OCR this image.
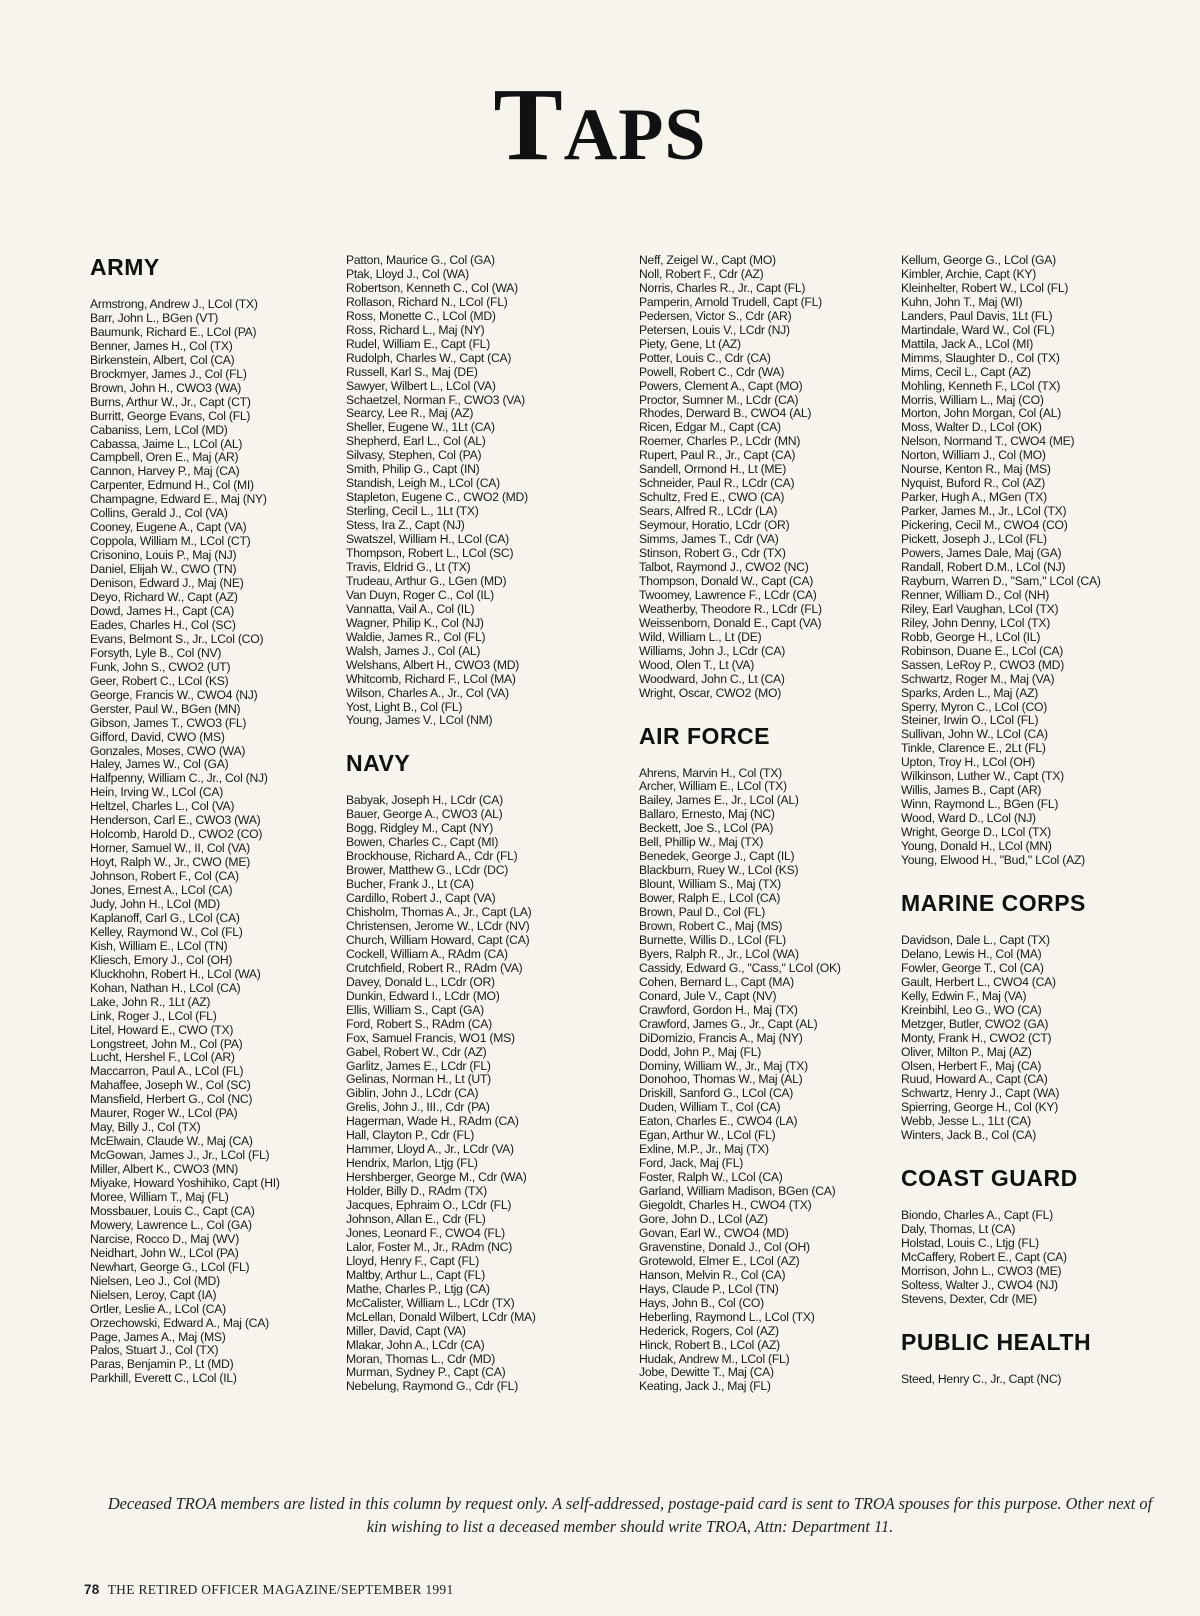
TAPS
ARMY
Armstrong, Andrew J., LCol (TX)
Barr, John L., BGen (VT)
Baumunk, Richard E., LCol (PA)
Benner, James H., Col (TX)
Birkenstein, Albert, Col (CA)
Brockmyer, James J., Col (FL)
Brown, John H., CWO3 (WA)
Burns, Arthur W., Jr., Capt (CT)
Burritt, George Evans, Col (FL)
Cabaniss, Lem, LCol (MD)
Cabassa, Jaime L., LCol (AL)
Campbell, Oren E., Maj (AR)
Cannon, Harvey P., Maj (CA)
Carpenter, Edmund H., Col (MI)
Champagne, Edward E., Maj (NY)
Collins, Gerald J., Col (VA)
Cooney, Eugene A., Capt (VA)
Coppola, William M., LCol (CT)
Crisonino, Louis P., Maj (NJ)
Daniel, Elijah W., CWO (TN)
Denison, Edward J., Maj (NE)
Deyo, Richard W., Capt (AZ)
Dowd, James H., Capt (CA)
Eades, Charles H., Col (SC)
Evans, Belmont S., Jr., LCol (CO)
Forsyth, Lyle B., Col (NV)
Funk, John S., CWO2 (UT)
Geer, Robert C., LCol (KS)
George, Francis W., CWO4 (NJ)
Gerster, Paul W., BGen (MN)
Gibson, James T., CWO3 (FL)
Gifford, David, CWO (MS)
Gonzales, Moses, CWO (WA)
Haley, James W., Col (GA)
Halfpenny, William C., Jr., Col (NJ)
Hein, Irving W., LCol (CA)
Heltzel, Charles L., Col (VA)
Henderson, Carl E., CWO3 (WA)
Holcomb, Harold D., CWO2 (CO)
Horner, Samuel W., II, Col (VA)
Hoyt, Ralph W., Jr., CWO (ME)
Johnson, Robert F., Col (CA)
Jones, Ernest A., LCol (CA)
Judy, John H., LCol (MD)
Kaplanoff, Carl G., LCol (CA)
Kelley, Raymond W., Col (FL)
Kish, William E., LCol (TN)
Kliesch, Emory J., Col (OH)
Kluckhohn, Robert H., LCol (WA)
Kohan, Nathan H., LCol (CA)
Lake, John R., 1Lt (AZ)
Link, Roger J., LCol (FL)
Litel, Howard E., CWO (TX)
Longstreet, John M., Col (PA)
Lucht, Hershel F., LCol (AR)
Maccarron, Paul A., LCol (FL)
Mahaffee, Joseph W., Col (SC)
Mansfield, Herbert G., Col (NC)
Maurer, Roger W., LCol (PA)
May, Billy J., Col (TX)
McElwain, Claude W., Maj (CA)
McGowan, James J., Jr., LCol (FL)
Miller, Albert K., CWO3 (MN)
Miyake, Howard Yoshihiko, Capt (HI)
Moree, William T., Maj (FL)
Mossbauer, Louis C., Capt (CA)
Mowery, Lawrence L., Col (GA)
Narcise, Rocco D., Maj (WV)
Neidhart, John W., LCol (PA)
Newhart, George G., LCol (FL)
Nielsen, Leo J., Col (MD)
Nielsen, Leroy, Capt (IA)
Ortler, Leslie A., LCol (CA)
Orzechowski, Edward A., Maj (CA)
Page, James A., Maj (MS)
Palos, Stuart J., Col (TX)
Paras, Benjamin P., Lt (MD)
Parkhill, Everett C., LCol (IL)
Patton, Maurice G., Col (GA)
Ptak, Lloyd J., Col (WA)
Robertson, Kenneth C., Col (WA)
Rollason, Richard N., LCol (FL)
Ross, Monette C., LCol (MD)
Ross, Richard L., Maj (NY)
Rudel, William E., Capt (FL)
Rudolph, Charles W., Capt (CA)
Russell, Karl S., Maj (DE)
Sawyer, Wilbert L., LCol (VA)
Schaetzel, Norman F., CWO3 (VA)
Searcy, Lee R., Maj (AZ)
Sheller, Eugene W., 1Lt (CA)
Shepherd, Earl L., Col (AL)
Silvasy, Stephen, Col (PA)
Smith, Philip G., Capt (IN)
Standish, Leigh M., LCol (CA)
Stapleton, Eugene C., CWO2 (MD)
Sterling, Cecil L., 1Lt (TX)
Stess, Ira Z., Capt (NJ)
Swatszel, William H., LCol (CA)
Thompson, Robert L., LCol (SC)
Travis, Eldrid G., Lt (TX)
Trudeau, Arthur G., LGen (MD)
Van Duyn, Roger C., Col (IL)
Vannatta, Vail A., Col (IL)
Wagner, Philip K., Col (NJ)
Waldie, James R., Col (FL)
Walsh, James J., Col (AL)
Welshans, Albert H., CWO3 (MD)
Whitcomb, Richard F., LCol (MA)
Wilson, Charles A., Jr., Col (VA)
Yost, Light B., Col (FL)
Young, James V., LCol (NM)
NAVY
Babyak, Joseph H., LCdr (CA)
Bauer, George A., CWO3 (AL)
Bogg, Ridgley M., Capt (NY)
Bowen, Charles C., Capt (MI)
Brockhouse, Richard A., Cdr (FL)
Brower, Matthew G., LCdr (DC)
Bucher, Frank J., Lt (CA)
Cardillo, Robert J., Capt (VA)
Chisholm, Thomas A., Jr., Capt (LA)
Christensen, Jerome W., LCdr (NV)
Church, William Howard, Capt (CA)
Cockell, William A., RAdm (CA)
Crutchfield, Robert R., RAdm (VA)
Davey, Donald L., LCdr (OR)
Dunkin, Edward I., LCdr (MO)
Ellis, William S., Capt (GA)
Ford, Robert S., RAdm (CA)
Fox, Samuel Francis, WO1 (MS)
Gabel, Robert W., Cdr (AZ)
Garlitz, James E., LCdr (FL)
Gelinas, Norman H., Lt (UT)
Giblin, John J., LCdr (CA)
Grelis, John J., III., Cdr (PA)
Hagerman, Wade H., RAdm (CA)
Hall, Clayton P., Cdr (FL)
Hammer, Lloyd A., Jr., LCdr (VA)
Hendrix, Marlon, Ltjg (FL)
Hershberger, George M., Cdr (WA)
Holder, Billy D., RAdm (TX)
Jacques, Ephraim O., LCdr (FL)
Johnson, Allan E., Cdr (FL)
Jones, Leonard F., CWO4 (FL)
Lalor, Foster M., Jr., RAdm (NC)
Lloyd, Henry F., Capt (FL)
Maltby, Arthur L., Capt (FL)
Mathe, Charles P., Ltjg (CA)
McCalister, William L., LCdr (TX)
McLellan, Donald Wilbert, LCdr (MA)
Miller, David, Capt (VA)
Mlakar, John A., LCdr (CA)
Moran, Thomas L., Cdr (MD)
Murman, Sydney P., Capt (CA)
Nebelung, Raymond G., Cdr (FL)
Neff, Zeigel W., Capt (MO)
Noll, Robert F., Cdr (AZ)
Norris, Charles R., Jr., Capt (FL)
Pamperin, Arnold Trudell, Capt (FL)
Pedersen, Victor S., Cdr (AR)
Petersen, Louis V., LCdr (NJ)
Piety, Gene, Lt (AZ)
Potter, Louis C., Cdr (CA)
Powell, Robert C., Cdr (WA)
Powers, Clement A., Capt (MO)
Proctor, Sumner M., LCdr (CA)
Rhodes, Derward B., CWO4 (AL)
Ricen, Edgar M., Capt (CA)
Roemer, Charles P., LCdr (MN)
Rupert, Paul R., Jr., Capt (CA)
Sandell, Ormond H., Lt (ME)
Schneider, Paul R., LCdr (CA)
Schultz, Fred E., CWO (CA)
Sears, Alfred R., LCdr (LA)
Seymour, Horatio, LCdr (OR)
Simms, James T., Cdr (VA)
Stinson, Robert G., Cdr (TX)
Talbot, Raymond J., CWO2 (NC)
Thompson, Donald W., Capt (CA)
Twoomey, Lawrence F., LCdr (CA)
Weatherby, Theodore R., LCdr (FL)
Weissenborn, Donald E., Capt (VA)
Wild, William L., Lt (DE)
Williams, John J., LCdr (CA)
Wood, Olen T., Lt (VA)
Woodward, John C., Lt (CA)
Wright, Oscar, CWO2 (MO)
AIR FORCE
Ahrens, Marvin H., Col (TX)
Archer, William E., LCol (TX)
Bailey, James E., Jr., LCol (AL)
Ballaro, Ernesto, Maj (NC)
Beckett, Joe S., LCol (PA)
Bell, Phillip W., Maj (TX)
Benedek, George J., Capt (IL)
Blackburn, Ruey W., LCol (KS)
Blount, William S., Maj (TX)
Bower, Ralph E., LCol (CA)
Brown, Paul D., Col (FL)
Brown, Robert C., Maj (MS)
Burnette, Willis D., LCol (FL)
Byers, Ralph R., Jr., LCol (WA)
Cassidy, Edward G., "Cass," LCol (OK)
Cohen, Bernard L., Capt (MA)
Conard, Jule V., Capt (NV)
Crawford, Gordon H., Maj (TX)
Crawford, James G., Jr., Capt (AL)
DiDomizio, Francis A., Maj (NY)
Dodd, John P., Maj (FL)
Dominy, William W., Jr., Maj (TX)
Donohoo, Thomas W., Maj (AL)
Driskill, Sanford G., LCol (CA)
Duden, William T., Col (CA)
Eaton, Charles E., CWO4 (LA)
Egan, Arthur W., LCol (FL)
Exline, M.P., Jr., Maj (TX)
Ford, Jack, Maj (FL)
Foster, Ralph W., LCol (CA)
Garland, William Madison, BGen (CA)
Giegoldt, Charles H., CWO4 (TX)
Gore, John D., LCol (AZ)
Govan, Earl W., CWO4 (MD)
Gravenstine, Donald J., Col (OH)
Grotewold, Elmer E., LCol (AZ)
Hanson, Melvin R., Col (CA)
Hays, Claude P., LCol (TN)
Hays, John B., Col (CO)
Heberling, Raymond L., LCol (TX)
Hederick, Rogers, Col (AZ)
Hinck, Robert B., LCol (AZ)
Hudak, Andrew M., LCol (FL)
Jobe, Dewitte T., Maj (CA)
Keating, Jack J., Maj (FL)
Kellum, George G., LCol (GA)
Kimbler, Archie, Capt (KY)
Kleinhelter, Robert W., LCol (FL)
Kuhn, John T., Maj (WI)
Landers, Paul Davis, 1Lt (FL)
Martindale, Ward W., Col (FL)
Mattila, Jack A., LCol (MI)
Mimms, Slaughter D., Col (TX)
Mims, Cecil L., Capt (AZ)
Mohling, Kenneth F., LCol (TX)
Morris, William L., Maj (CO)
Morton, John Morgan, Col (AL)
Moss, Walter D., LCol (OK)
Nelson, Normand T., CWO4 (ME)
Norton, William J., Col (MO)
Nourse, Kenton R., Maj (MS)
Nyquist, Buford R., Col (AZ)
Parker, Hugh A., MGen (TX)
Parker, James M., Jr., LCol (TX)
Pickering, Cecil M., CWO4 (CO)
Pickett, Joseph J., LCol (FL)
Powers, James Dale, Maj (GA)
Randall, Robert D.M., LCol (NJ)
Rayburn, Warren D., "Sam," LCol (CA)
Renner, William D., Col (NH)
Riley, Earl Vaughan, LCol (TX)
Riley, John Denny, LCol (TX)
Robb, George H., LCol (IL)
Robinson, Duane E., LCol (CA)
Sassen, LeRoy P., CWO3 (MD)
Schwartz, Roger M., Maj (VA)
Sparks, Arden L., Maj (AZ)
Sperry, Myron C., LCol (CO)
Steiner, Irwin O., LCol (FL)
Sullivan, John W., LCol (CA)
Tinkle, Clarence E., 2Lt (FL)
Upton, Troy H., LCol (OH)
Wilkinson, Luther W., Capt (TX)
Willis, James B., Capt (AR)
Winn, Raymond L., BGen (FL)
Wood, Ward D., LCol (NJ)
Wright, George D., LCol (TX)
Young, Donald H., LCol (MN)
Young, Elwood H., "Bud," LCol (AZ)
MARINE CORPS
Davidson, Dale L., Capt (TX)
Delano, Lewis H., Col (MA)
Fowler, George T., Col (CA)
Gault, Herbert L., CWO4 (CA)
Kelly, Edwin F., Maj (VA)
Kreinbihl, Leo G., WO (CA)
Metzger, Butler, CWO2 (GA)
Monty, Frank H., CWO2 (CT)
Oliver, Milton P., Maj (AZ)
Olsen, Herbert F., Maj (CA)
Ruud, Howard A., Capt (CA)
Schwartz, Henry J., Capt (WA)
Spierring, George H., Col (KY)
Webb, Jesse L., 1Lt (CA)
Winters, Jack B., Col (CA)
COAST GUARD
Biondo, Charles A., Capt (FL)
Daly, Thomas, Lt (CA)
Holstad, Louis C., Ltjg (FL)
McCaffery, Robert E., Capt (CA)
Morrison, John L., CWO3 (ME)
Soltess, Walter J., CWO4 (NJ)
Stevens, Dexter, Cdr (ME)
PUBLIC HEALTH
Steed, Henry C., Jr., Capt (NC)

Deceased TROA members are listed in this column by request only. A self-addressed, postage-paid card is sent to TROA spouses for this purpose. Other next of kin wishing to list a deceased member should write TROA, Attn: Department 11.

78 THE RETIRED OFFICER MAGAZINE/SEPTEMBER 1991
